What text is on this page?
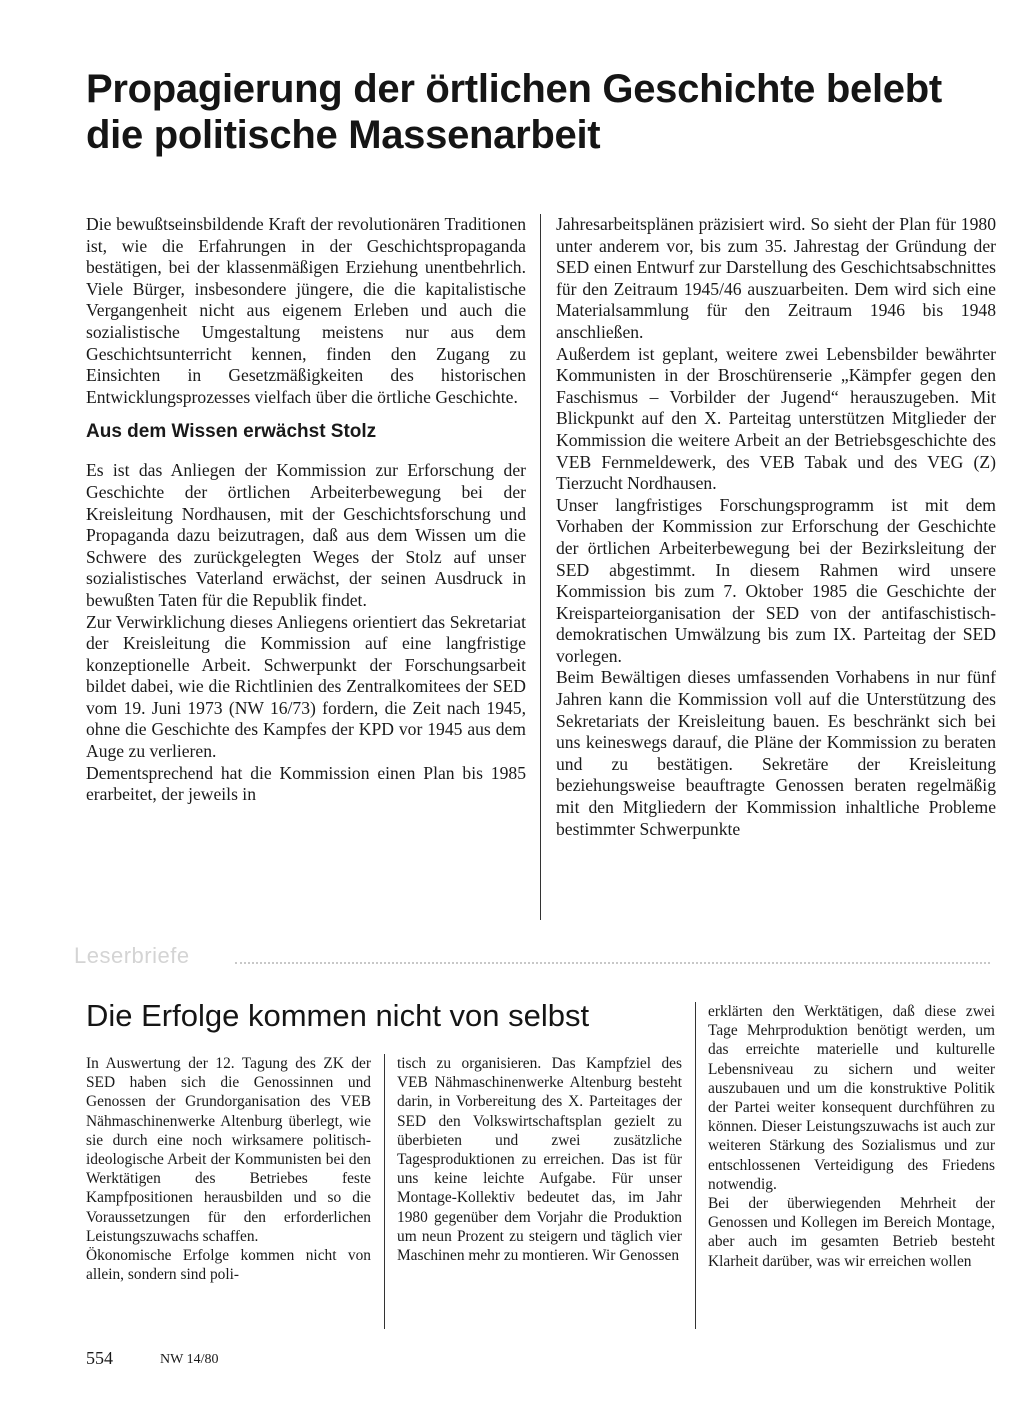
Propagierung der örtlichen Geschichte belebt die politische Massenarbeit

Die bewußtseinsbildende Kraft der revolutionären Traditionen ist, wie die Erfahrungen in der Geschichtspropaganda bestätigen, bei der klassenmäßigen Erziehung unentbehrlich. Viele Bürger, insbesondere jüngere, die die kapitalistische Vergangenheit nicht aus eigenem Erleben und auch die sozialistische Umgestaltung meistens nur aus dem Geschichtsunterricht kennen, finden den Zugang zu Einsichten in Gesetzmäßigkeiten des historischen Entwicklungsprozesses vielfach über die örtliche Geschichte.

Aus dem Wissen erwächst Stolz

Es ist das Anliegen der Kommission zur Erforschung der Geschichte der örtlichen Arbeiterbewegung bei der Kreisleitung Nordhausen, mit der Geschichtsforschung und Propaganda dazu beizutragen, daß aus dem Wissen um die Schwere des zurückgelegten Weges der Stolz auf unser sozialistisches Vaterland erwächst, der seinen Ausdruck in bewußten Taten für die Republik findet.

Zur Verwirklichung dieses Anliegens orientiert das Sekretariat der Kreisleitung die Kommission auf eine langfristige konzeptionelle Arbeit. Schwerpunkt der Forschungsarbeit bildet dabei, wie die Richtlinien des Zentralkomitees der SED vom 19. Juni 1973 (NW 16/73) fordern, die Zeit nach 1945, ohne die Geschichte des Kampfes der KPD vor 1945 aus dem Auge zu verlieren.

Dementsprechend hat die Kommission einen Plan bis 1985 erarbeitet, der jeweils in

Jahresarbeitsplänen präzisiert wird. So sieht der Plan für 1980 unter anderem vor, bis zum 35. Jahrestag der Gründung der SED einen Entwurf zur Darstellung des Geschichtsabschnittes für den Zeitraum 1945/46 auszuarbeiten. Dem wird sich eine Materialsammlung für den Zeitraum 1946 bis 1948 anschließen.

Außerdem ist geplant, weitere zwei Lebensbilder bewährter Kommunisten in der Broschürenserie „Kämpfer gegen den Faschismus – Vorbilder der Jugend“ herauszugeben. Mit Blickpunkt auf den X. Parteitag unterstützen Mitglieder der Kommission die weitere Arbeit an der Betriebsgeschichte des VEB Fernmeldewerk, des VEB Tabak und des VEG (Z) Tierzucht Nordhausen.

Unser langfristiges Forschungsprogramm ist mit dem Vorhaben der Kommission zur Erforschung der Geschichte der örtlichen Arbeiterbewegung bei der Bezirksleitung der SED abgestimmt. In diesem Rahmen wird unsere Kommission bis zum 7. Oktober 1985 die Geschichte der Kreisparteiorganisation der SED von der antifaschistisch-demokratischen Umwälzung bis zum IX. Parteitag der SED vorlegen.

Beim Bewältigen dieses umfassenden Vorhabens in nur fünf Jahren kann die Kommission voll auf die Unterstützung des Sekretariats der Kreisleitung bauen. Es beschränkt sich bei uns keineswegs darauf, die Pläne der Kommission zu beraten und zu bestätigen. Sekretäre der Kreisleitung beziehungsweise beauftragte Genossen beraten regelmäßig mit den Mitgliedern der Kommission inhaltliche Probleme bestimmter Schwerpunkte

Leserbriefe
Die Erfolge kommen nicht von selbst

In Auswertung der 12. Tagung des ZK der SED haben sich die Genossinnen und Genossen der Grundorganisation des VEB Nähmaschinenwerke Altenburg überlegt, wie sie durch eine noch wirksamere politisch-ideologische Arbeit der Kommunisten bei den Werktätigen des Betriebes feste Kampfpositionen herausbilden und so die Voraussetzungen für den erforderlichen Leistungszuwachs schaffen.

Ökonomische Erfolge kommen nicht von allein, sondern sind poli-

tisch zu organisieren. Das Kampfziel des VEB Nähmaschinenwerke Altenburg besteht darin, in Vorbereitung des X. Parteitages der SED den Volkswirtschaftsplan gezielt zu überbieten und zwei zusätzliche Tagesproduktionen zu erreichen. Das ist für uns keine leichte Aufgabe. Für unser Montage-Kollektiv bedeutet das, im Jahr 1980 gegenüber dem Vorjahr die Produktion um neun Prozent zu steigern und täglich vier Maschinen mehr zu montieren. Wir Genossen

erklärten den Werktätigen, daß diese zwei Tage Mehrproduktion benötigt werden, um das erreichte materielle und kulturelle Lebensniveau zu sichern und weiter auszubauen und um die konstruktive Politik der Partei weiter konsequent durchführen zu können. Dieser Leistungszuwachs ist auch zur weiteren Stärkung des Sozialismus und zur entschlossenen Verteidigung des Friedens notwendig.

Bei der überwiegenden Mehrheit der Genossen und Kollegen im Bereich Montage, aber auch im gesamten Betrieb besteht Klarheit darüber, was wir erreichen wollen

554	NW 14/80
